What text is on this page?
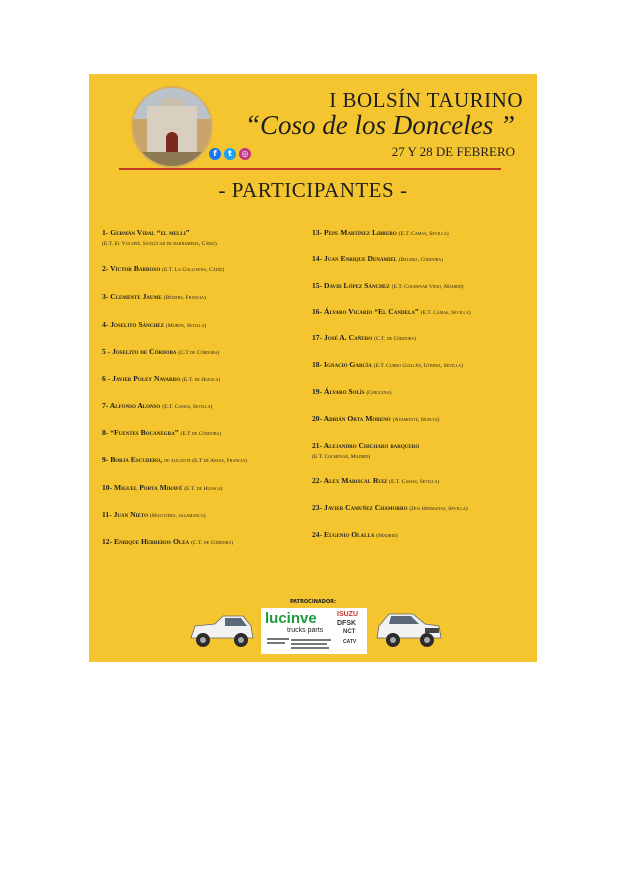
f	t	◎
I BOLSÍN TAURINO
“Coso de los Donceles ”
27 Y 28 DE FEBRERO
- PARTICIPANTES -
1- Germán Vidal “el melli”
(E.T. El Volapié, Sanlúcar de barrameda, Cádiz)
2- Víctor Barroso (E.T. La Gallosina, Cádiz)
3- Clemente Jaume (Béziers, Francia)
4- Joselito Sánchez (Morón, Sevilla)
5 - Joselito de Córdoba (C.T de Córdoba)
6 - Javier Poley Navarro (E.T. de Huesca)
7- Alfonso Alonso (E.T. Camas, Sevilla)
8- “Fuentes Bocanegra” (E.T de Córdoba)
9- Borja Escudero, de alicante (E.T de Arles, Francia)
10- Miguel Porta Miravé (E.T. de Huesca)
11- Juan Nieto (Macotera, salamanca)
12- Enrique Herreros Olea (C.T. de Córdoba)
13- Pepe Martínez Librero (E.T. Camas, Sevilla)
14- Juan Enrique Denamiel (Belmez, Córdoba)
15- David López Sánchez (E.T. Colmenar Viejo, Madrid)
16- Álvaro Vicario “El Candela” (E.T. Camas, Sevilla)
17- José A. Cañero (C.T. de Córdoba)
18- Ignacio García (E.T. Curro Guillén, Utrera, Sevilla)
19- Álvaro Solís (Chiclena)
20- Adrián Orta Moreno (Ayamonte, Huelva)
21- Alejandro Chicharo barquero
(E.T. Colmenar, Madrid)
22- Alex Mariscal Ruiz (E.T. Camas, Sevilla)
23- Javier Camuñez Chamorro (Dos Hermanas, Sevilla)
24- Eugenio Olalla (Madrid)
PATROCINADOR:
lucinve
trucks parts
ISUZU
DFSK
NCT
CATV
